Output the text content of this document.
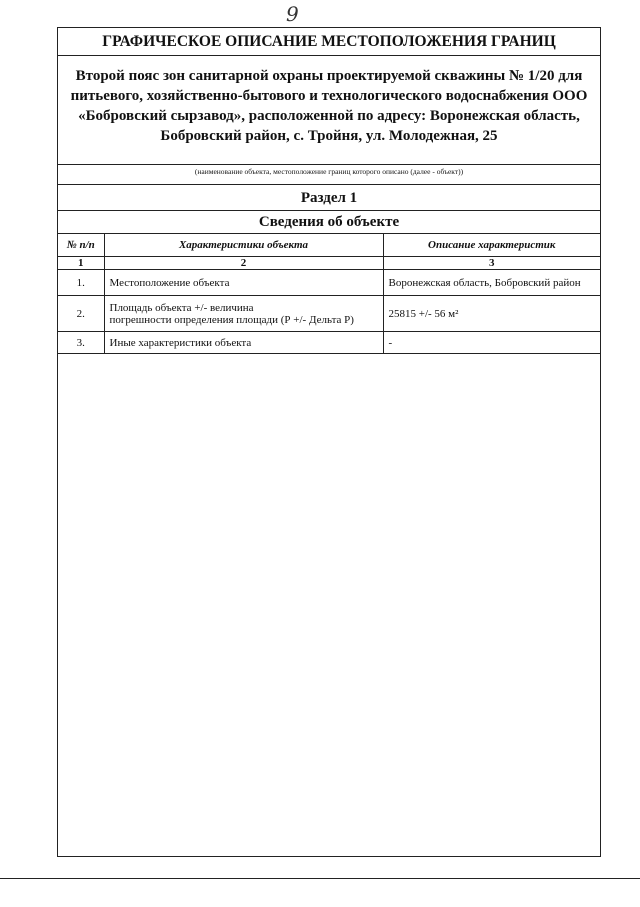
9
ГРАФИЧЕСКОЕ ОПИСАНИЕ МЕСТОПОЛОЖЕНИЯ ГРАНИЦ
Второй пояс зон санитарной охраны проектируемой скважины № 1/20 для
питьевого, хозяйственно-бытового и технологического водоснабжения ООО
«Бобровский сырзавод», расположенной по адресу: Воронежская область,
Бобровский район, с. Тройня, ул. Молодежная, 25
(наименование объекта, местоположение границ которого описано (далее - объект))
Раздел 1
Сведения об объекте
№ п/п	Характеристики объекта	Описание характеристик
1	2	3
1.	Местоположение объекта	Воронежская область, Бобровский район
2.	Площадь объекта +/- величина
погрешности определения площади (Р +/- Дельта Р)	25815 +/- 56 м²
3.	Иные характеристики объекта	-
